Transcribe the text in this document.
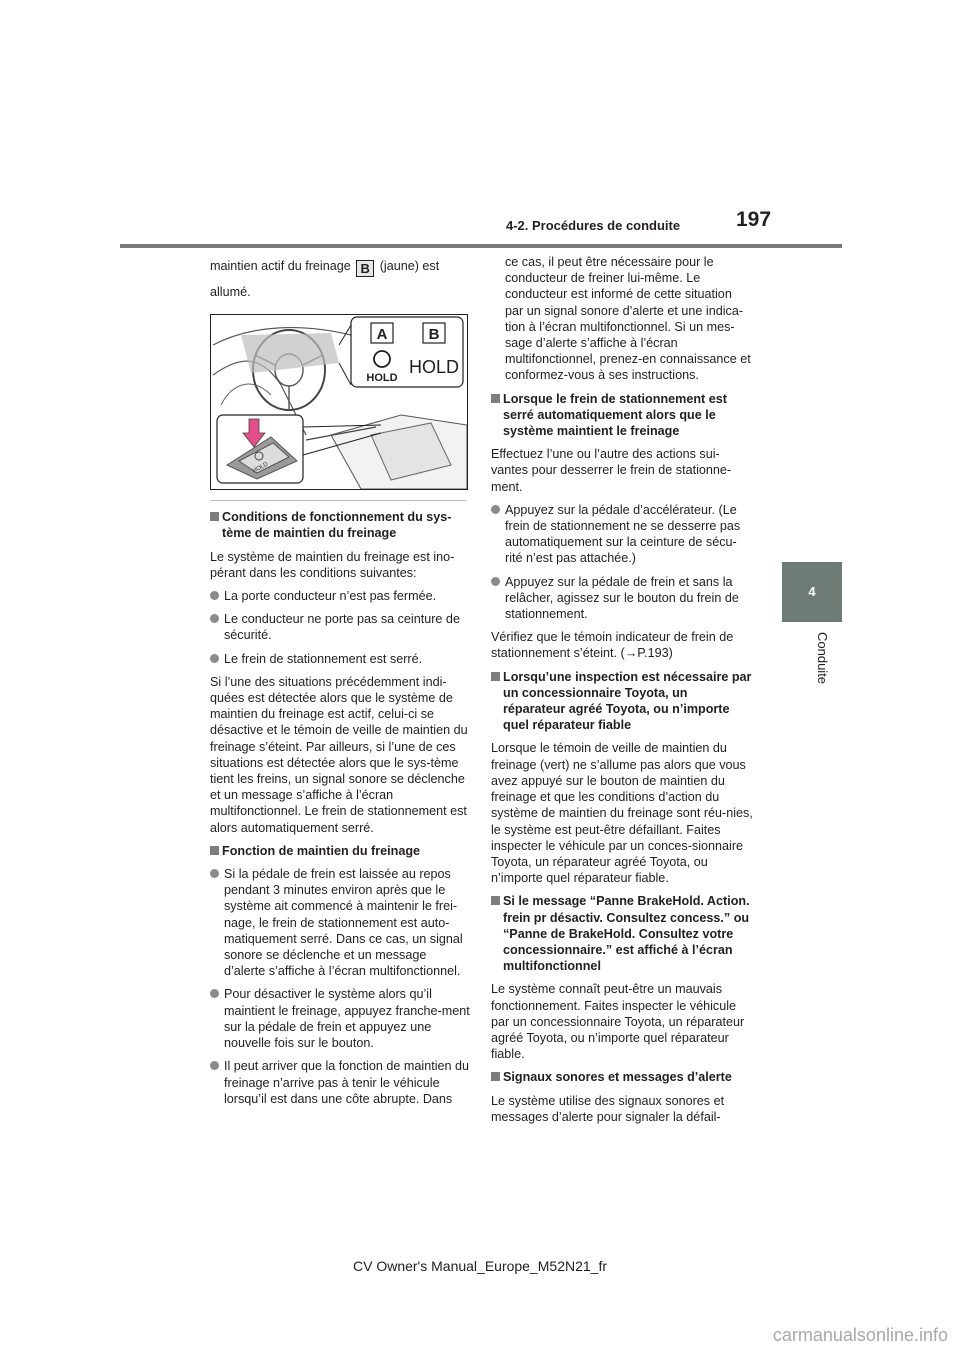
4-2. Procédures de conduite	197
4
Conduite

maintien actif du freinage B (jaune) est

allumé.

A	B
HOLD
HOLD
HOLD

Conditions de fonctionnement du sys-tème de maintien du freinage

Le système de maintien du freinage est ino-pérant dans les conditions suivantes:

La porte conducteur n’est pas fermée.

Le conducteur ne porte pas sa ceinture de sécurité.

Le frein de stationnement est serré.

Si l’une des situations précédemment indi-quées est détectée alors que le système de maintien du freinage est actif, celui-ci se désactive et le témoin de veille de maintien du freinage s’éteint. Par ailleurs, si l’une de ces situations est détectée alors que le sys-tème tient les freins, un signal sonore se déclenche et un message s’affiche à l’écran multifonctionnel. Le frein de stationnement est alors automatiquement serré.

Fonction de maintien du freinage

Si la pédale de frein est laissée au repos pendant 3 minutes environ après que le système ait commencé à maintenir le frei-nage, le frein de stationnement est auto-matiquement serré. Dans ce cas, un signal sonore se déclenche et un message d’alerte s’affiche à l’écran multifonctionnel.

Pour désactiver le système alors qu’il maintient le freinage, appuyez franche-ment sur la pédale de frein et appuyez une nouvelle fois sur le bouton.

Il peut arriver que la fonction de maintien du freinage n’arrive pas à tenir le véhicule lorsqu’il est dans une côte abrupte. Dans

ce cas, il peut être nécessaire pour le conducteur de freiner lui-même. Le conducteur est informé de cette situation par un signal sonore d’alerte et une indica-tion à l’écran multifonctionnel. Si un mes-sage d’alerte s’affiche à l’écran multifonctionnel, prenez-en connaissance et conformez-vous à ses instructions.

Lorsque le frein de stationnement est serré automatiquement alors que le système maintient le freinage

Effectuez l’une ou l’autre des actions sui-vantes pour desserrer le frein de stationne-ment.

Appuyez sur la pédale d’accélérateur. (Le frein de stationnement ne se desserre pas automatiquement sur la ceinture de sécu-rité n’est pas attachée.)

Appuyez sur la pédale de frein et sans la relâcher, agissez sur le bouton du frein de stationnement.

Vérifiez que le témoin indicateur de frein de stationnement s’éteint. (→P.193)

Lorsqu’une inspection est nécessaire par un concessionnaire Toyota, un réparateur agréé Toyota, ou n’importe quel réparateur fiable

Lorsque le témoin de veille de maintien du freinage (vert) ne s’allume pas alors que vous avez appuyé sur le bouton de maintien du freinage et que les conditions d’action du système de maintien du freinage sont réu-nies, le système est peut-être défaillant. Faites inspecter le véhicule par un conces-sionnaire Toyota, un réparateur agréé Toyota, ou n’importe quel réparateur fiable.

Si le message “Panne BrakeHold. Action. frein pr désactiv. Consultez concess.” ou “Panne de BrakeHold. Consultez votre concessionnaire.” est affiché à l’écran multifonctionnel

Le système connaît peut-être un mauvais fonctionnement. Faites inspecter le véhicule par un concessionnaire Toyota, un réparateur agréé Toyota, ou n’importe quel réparateur fiable.

Signaux sonores et messages d’alerte

Le système utilise des signaux sonores et messages d’alerte pour signaler la défail-

CV Owner's Manual_Europe_M52N21_fr
carmanualsonline.info
